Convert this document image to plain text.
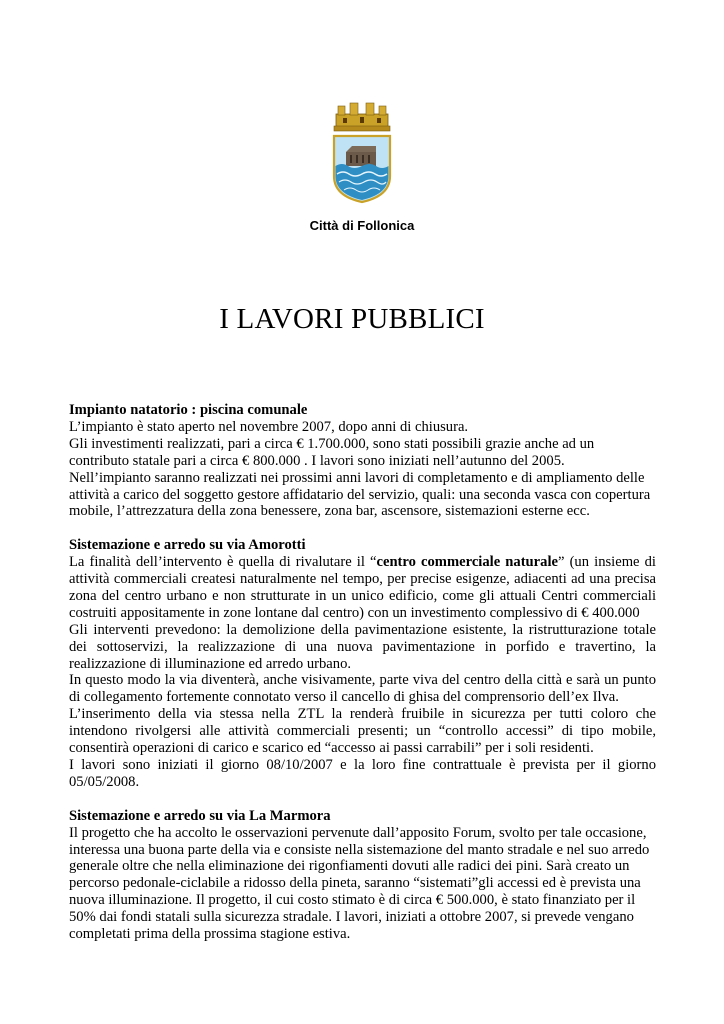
Città di Follonica
I LAVORI PUBBLICI
Impianto natatorio : piscina comunale

L’impianto è stato aperto nel novembre 2007, dopo anni di chiusura.

Gli investimenti realizzati, pari a circa € 1.700.000, sono stati possibili grazie anche ad un contributo statale pari a circa € 800.000 . I lavori sono iniziati nell’autunno del 2005.

Nell’impianto saranno realizzati nei prossimi anni lavori di completamento e di ampliamento delle attività a carico del soggetto gestore affidatario del servizio, quali: una seconda vasca con copertura mobile, l’attrezzatura della zona benessere, zona bar, ascensore, sistemazioni esterne ecc.

Sistemazione e arredo su via Amorotti

La finalità dell’intervento è quella di rivalutare il “centro commerciale naturale” (un insieme di attività commerciali createsi naturalmente nel tempo, per precise esigenze, adiacenti ad una precisa zona del centro urbano e non strutturate in un unico edificio, come gli attuali Centri commerciali costruiti appositamente in zone lontane dal centro) con un investimento complessivo di € 400.000

Gli interventi prevedono: la demolizione della pavimentazione esistente, la ristrutturazione totale dei sottoservizi, la realizzazione di una nuova pavimentazione in porfido e travertino, la realizzazione di illuminazione ed arredo urbano.

In questo modo la via diventerà, anche visivamente, parte viva del centro della città e sarà un punto di collegamento fortemente connotato verso il cancello di ghisa del comprensorio dell’ex Ilva.

L’inserimento della via stessa nella ZTL la renderà fruibile in sicurezza per tutti coloro che intendono rivolgersi alle attività commerciali presenti; un “controllo accessi” di tipo mobile, consentirà operazioni di carico e scarico ed “accesso ai passi carrabili” per i soli residenti.

I lavori sono iniziati il giorno 08/10/2007 e la loro fine contrattuale è prevista per il giorno 05/05/2008.

Sistemazione e arredo su via La Marmora

Il progetto che ha accolto le osservazioni pervenute dall’apposito Forum, svolto per tale occasione, interessa una buona parte della via e consiste nella sistemazione del manto stradale e nel suo arredo generale oltre che nella eliminazione dei rigonfiamenti dovuti alle radici dei pini. Sarà creato un percorso pedonale-ciclabile a ridosso della pineta, saranno “sistemati”gli accessi ed è prevista una nuova illuminazione. Il progetto, il cui costo stimato è di circa € 500.000, è stato finanziato per il 50% dai fondi statali sulla sicurezza stradale. I lavori, iniziati a ottobre 2007, si prevede vengano completati prima della prossima stagione estiva.
